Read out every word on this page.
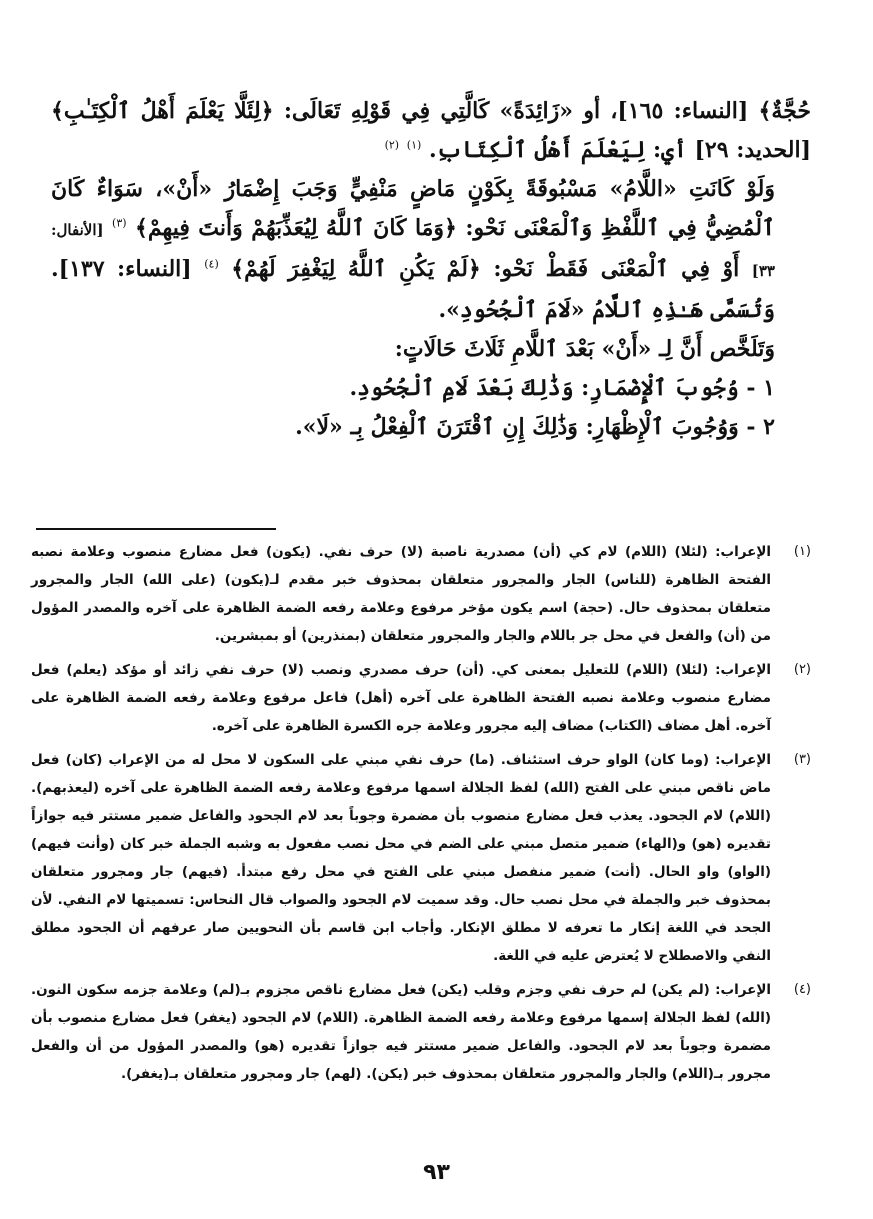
حُجَّةٌ﴾ [النساء: ١٦٥]، أو «زَائِدَةً» كَالَّتِي فِي قَوْلِهِ تَعَالَى: ﴿لِئَلَّا يَعْلَمَ أَهْلُ ٱلْكِتَـٰبِ﴾ [الحديد: ٢٩] أي: لِيَعْلَمَ أَهْلُ ٱلْكِتَابِ. $^{(١)}$ $^{(٢)}$

وَلَوْ كَانَتِ «اللَّامُ» مَسْبُوقَةً بِكَوْنٍ مَاضٍ مَنْفِيٍّ وَجَبَ إِضْمَارُ «أَنْ»، سَوَاءٌ كَانَ ٱلْمُضِيُّ فِي ٱللَّفْظِ وَٱلْمَعْنَى نَحْو: ﴿وَمَا كَانَ ٱللَّهُ لِيُعَذِّبَهُمْ وَأَنتَ فِيهِمْ﴾ $^{(٣)}$ [الأنفال: ٣٣] أَوْ فِي ٱلْمَعْنَى فَقَطْ نَحْو: ﴿لَمْ يَكُنِ ٱللَّهُ لِيَغْفِرَ لَهُمْ﴾ $^{(٤)}$ [النساء: ١٣٧]. وَتُسَمَّى هَـٰذِهِ ٱللَّامُ «لَامَ ٱلْجُحُودِ».

وَتَلَخَّص أَنَّ لِـ «أَنْ» بَعْدَ ٱللَّامِ ثَلَاثَ حَالَاتٍ:

١ - وُجُوبَ ٱلْإِضْمَارِ: وَذَٰلِكَ بَعْدَ لَامِ ٱلْجُحُودِ.

٢ - وَوُجُوبَ ٱلْإِظْهَارِ: وَذَٰلِكَ إِنِ ٱقْتَرَنَ ٱلْفِعْلُ بِـ «لَا».

(١)
الإعراب: (لئلا) (اللام) لام كي (أن) مصدرية ناصبة (لا) حرف نفي. (يكون) فعل مضارع منصوب وعلامة نصبه الفتحة الظاهرة (للناس) الجار والمجرور متعلقان بمحذوف خبر مقدم لـ(يكون) (على الله) الجار والمجرور متعلقان بمحذوف حال. (حجة) اسم يكون مؤخر مرفوع وعلامة رفعه الضمة الظاهرة على آخره والمصدر المؤول من (أن) والفعل في محل جر باللام والجار والمجرور متعلقان (بمنذرين) أو بمبشرين.
(٢)
الإعراب: (لئلا) (اللام) للتعليل بمعنى كي. (أن) حرف مصدري ونصب (لا) حرف نفي زائد أو مؤكد (يعلم) فعل مضارع منصوب وعلامة نصبه الفتحة الظاهرة على آخره (أهل) فاعل مرفوع وعلامة رفعه الضمة الظاهرة على آخره. أهل مضاف (الكتاب) مضاف إليه مجرور وعلامة جره الكسرة الظاهرة على آخره.
(٣)
الإعراب: (وما كان) الواو حرف استئناف. (ما) حرف نفي مبني على السكون لا محل له من الإعراب (كان) فعل ماض ناقص مبني على الفتح (الله) لفظ الجلالة اسمها مرفوع وعلامة رفعه الضمة الظاهرة على آخره (ليعذبهم). (اللام) لام الجحود. يعذب فعل مضارع منصوب بأن مضمرة وجوباً بعد لام الجحود والفاعل ضمير مستتر فيه جوازاً تقديره (هو) و(الهاء) ضمير متصل مبني على الضم في محل نصب مفعول به وشبه الجملة خبر كان (وأنت فيهم) (الواو) واو الحال. (أنت) ضمير منفصل مبني على الفتح في محل رفع مبتدأ. (فيهم) جار ومجرور متعلقان بمحذوف خبر والجملة في محل نصب حال. وقد سميت لام الجحود والصواب قال النحاس: تسميتها لام النفي. لأن الجحد في اللغة إنكار ما تعرفه لا مطلق الإنكار. وأجاب ابن قاسم بأن النحويين صار عرفهم أن الجحود مطلق النفي والاصطلاح لا يُعترض عليه في اللغة.
(٤)
الإعراب: (لم يكن) لم حرف نفي وجزم وقلب (يكن) فعل مضارع ناقص مجزوم بـ(لم) وعلامة جزمه سكون النون. (الله) لفظ الجلالة إسمها مرفوع وعلامة رفعه الضمة الظاهرة. (اللام) لام الجحود (يغفر) فعل مضارع منصوب بأن مضمرة وجوباً بعد لام الجحود. والفاعل ضمير مستتر فيه جوازاً تقديره (هو) والمصدر المؤول من أن والفعل مجرور بـ(اللام) والجار والمجرور متعلقان بمحذوف خبر (يكن). (لهم) جار ومجرور متعلقان بـ(يغفر).
٩٣
